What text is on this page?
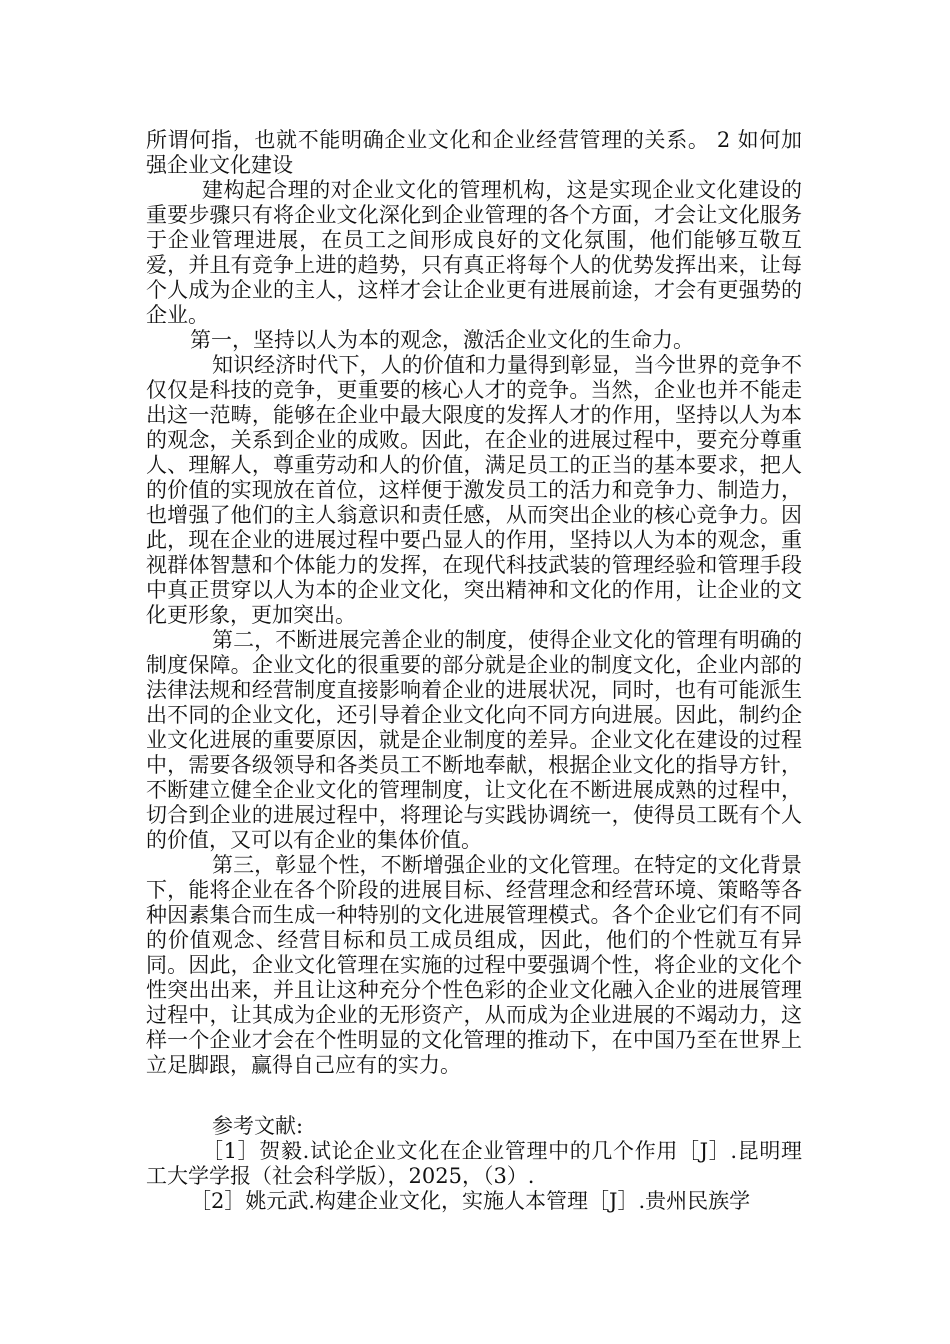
所谓何指，也就不能明确企业文化和企业经营管理的关系。 2 如何加强企业文化建设

建构起合理的对企业文化的管理机构，这是实现企业文化建设的重要步骤只有将企业文化深化到企业管理的各个方面，才会让文化服务于企业管理进展，在员工之间形成良好的文化氛围，他们能够互敬互爱，并且有竞争上进的趋势，只有真正将每个人的优势发挥出来，让每个人成为企业的主人，这样才会让企业更有进展前途，才会有更强势的企业。

第一，坚持以人为本的观念，激活企业文化的生命力。

知识经济时代下，人的价值和力量得到彰显，当今世界的竞争不仅仅是科技的竞争，更重要的核心人才的竞争。当然，企业也并不能走出这一范畴，能够在企业中最大限度的发挥人才的作用，坚持以人为本的观念，关系到企业的成败。因此，在企业的进展过程中，要充分尊重人、理解人，尊重劳动和人的价值，满足员工的正当的基本要求，把人的价值的实现放在首位，这样便于激发员工的活力和竞争力、制造力，也增强了他们的主人翁意识和责任感，从而突出企业的核心竞争力。因此，现在企业的进展过程中要凸显人的作用，坚持以人为本的观念，重视群体智慧和个体能力的发挥，在现代科技武装的管理经验和管理手段中真正贯穿以人为本的企业文化，突出精神和文化的作用，让企业的文化更形象，更加突出。

第二，不断进展完善企业的制度，使得企业文化的管理有明确的制度保障。企业文化的很重要的部分就是企业的制度文化，企业内部的法律法规和经营制度直接影响着企业的进展状况，同时，也有可能派生出不同的企业文化，还引导着企业文化向不同方向进展。因此，制约企业文化进展的重要原因，就是企业制度的差异。企业文化在建设的过程中，需要各级领导和各类员工不断地奉献，根据企业文化的指导方针，不断建立健全企业文化的管理制度，让文化在不断进展成熟的过程中，切合到企业的进展过程中，将理论与实践协调统一，使得员工既有个人的价值，又可以有企业的集体价值。

第三，彰显个性，不断增强企业的文化管理。在特定的文化背景下，能将企业在各个阶段的进展目标、经营理念和经营环境、策略等各种因素集合而生成一种特别的文化进展管理模式。各个企业它们有不同的价值观念、经营目标和员工成员组成，因此，他们的个性就互有异同。因此，企业文化管理在实施的过程中要强调个性，将企业的文化个性突出出来，并且让这种充分个性色彩的企业文化融入企业的进展管理过程中，让其成为企业的无形资产，从而成为企业进展的不竭动力，这样一个企业才会在个性明显的文化管理的推动下，在中国乃至在世界上立足脚跟，赢得自己应有的实力。

参考文献:

［1］贺毅.试论企业文化在企业管理中的几个作用［J］.昆明理工大学学报（社会科学版），2025，（3）.

［2］姚元武.构建企业文化，实施人本管理［J］.贵州民族学
